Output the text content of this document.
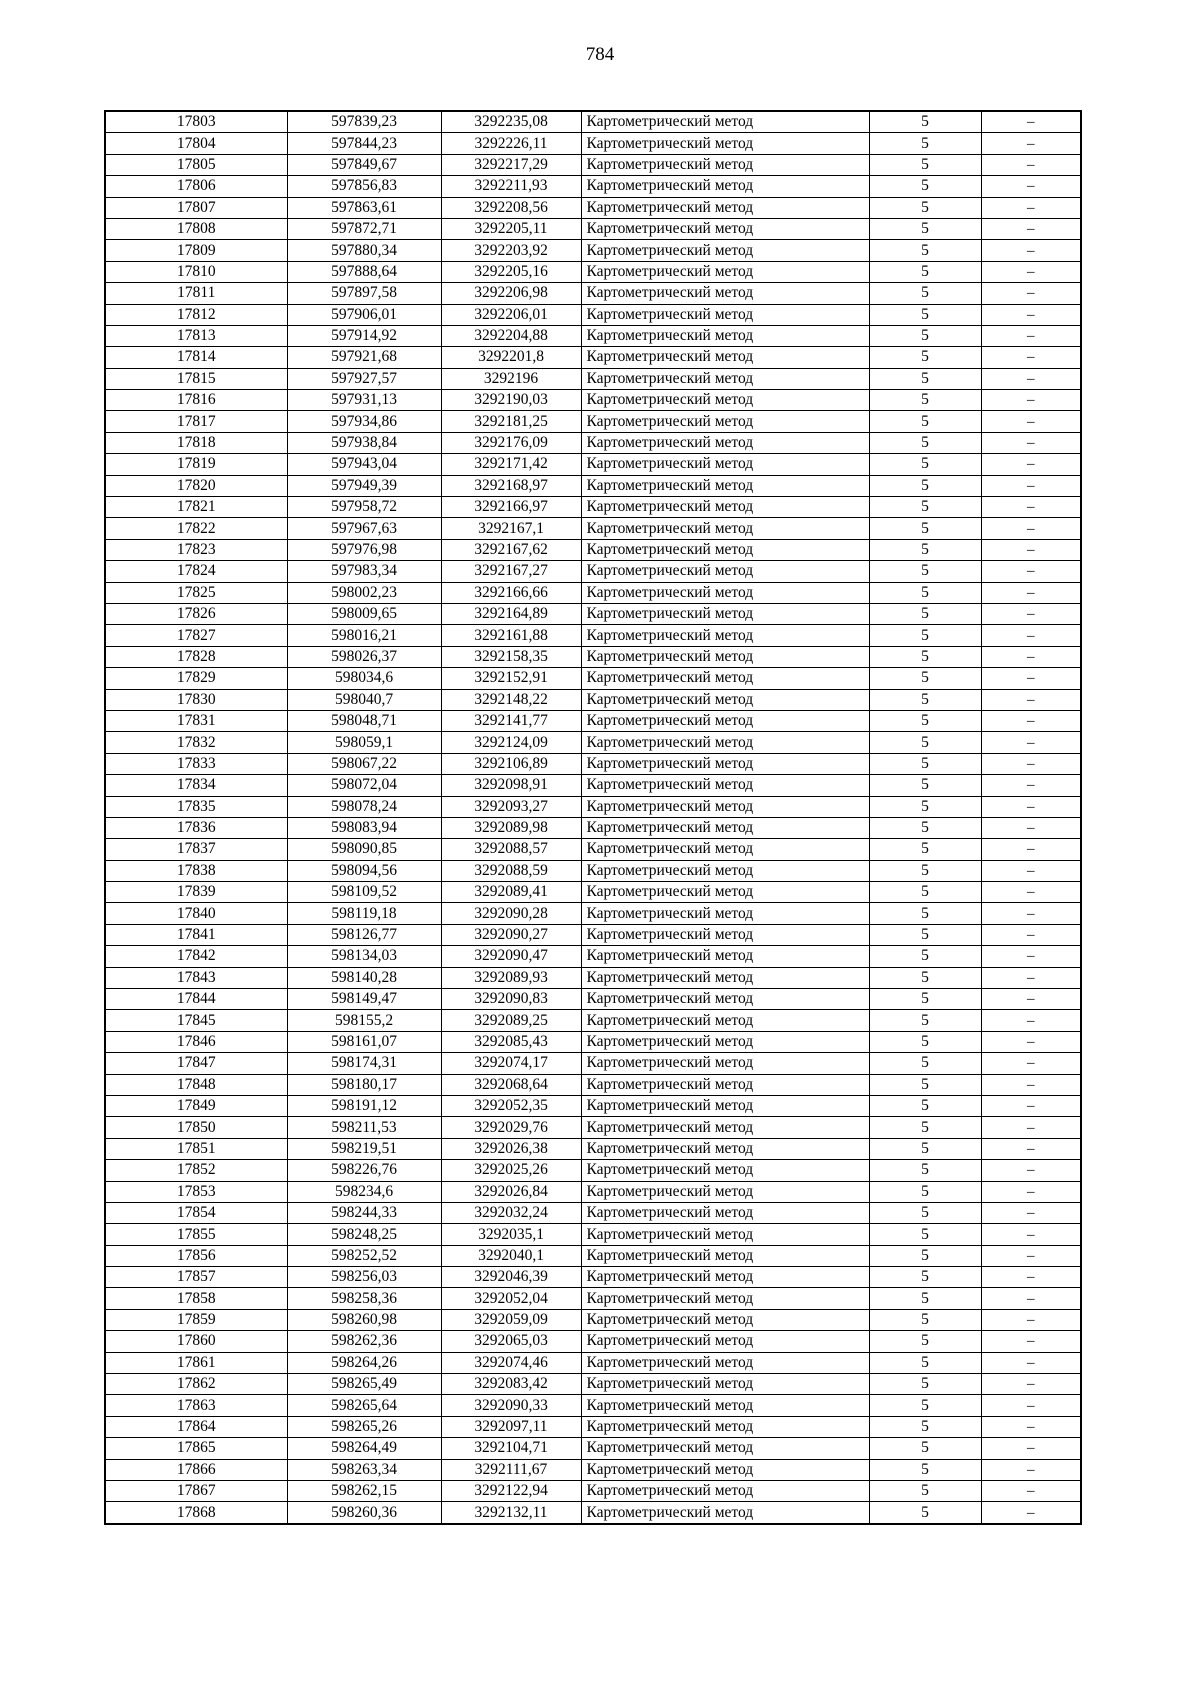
784
17803	597839,23	3292235,08	Картометрический метод	5	–
17804	597844,23	3292226,11	Картометрический метод	5	–
17805	597849,67	3292217,29	Картометрический метод	5	–
17806	597856,83	3292211,93	Картометрический метод	5	–
17807	597863,61	3292208,56	Картометрический метод	5	–
17808	597872,71	3292205,11	Картометрический метод	5	–
17809	597880,34	3292203,92	Картометрический метод	5	–
17810	597888,64	3292205,16	Картометрический метод	5	–
17811	597897,58	3292206,98	Картометрический метод	5	–
17812	597906,01	3292206,01	Картометрический метод	5	–
17813	597914,92	3292204,88	Картометрический метод	5	–
17814	597921,68	3292201,8	Картометрический метод	5	–
17815	597927,57	3292196	Картометрический метод	5	–
17816	597931,13	3292190,03	Картометрический метод	5	–
17817	597934,86	3292181,25	Картометрический метод	5	–
17818	597938,84	3292176,09	Картометрический метод	5	–
17819	597943,04	3292171,42	Картометрический метод	5	–
17820	597949,39	3292168,97	Картометрический метод	5	–
17821	597958,72	3292166,97	Картометрический метод	5	–
17822	597967,63	3292167,1	Картометрический метод	5	–
17823	597976,98	3292167,62	Картометрический метод	5	–
17824	597983,34	3292167,27	Картометрический метод	5	–
17825	598002,23	3292166,66	Картометрический метод	5	–
17826	598009,65	3292164,89	Картометрический метод	5	–
17827	598016,21	3292161,88	Картометрический метод	5	–
17828	598026,37	3292158,35	Картометрический метод	5	–
17829	598034,6	3292152,91	Картометрический метод	5	–
17830	598040,7	3292148,22	Картометрический метод	5	–
17831	598048,71	3292141,77	Картометрический метод	5	–
17832	598059,1	3292124,09	Картометрический метод	5	–
17833	598067,22	3292106,89	Картометрический метод	5	–
17834	598072,04	3292098,91	Картометрический метод	5	–
17835	598078,24	3292093,27	Картометрический метод	5	–
17836	598083,94	3292089,98	Картометрический метод	5	–
17837	598090,85	3292088,57	Картометрический метод	5	–
17838	598094,56	3292088,59	Картометрический метод	5	–
17839	598109,52	3292089,41	Картометрический метод	5	–
17840	598119,18	3292090,28	Картометрический метод	5	–
17841	598126,77	3292090,27	Картометрический метод	5	–
17842	598134,03	3292090,47	Картометрический метод	5	–
17843	598140,28	3292089,93	Картометрический метод	5	–
17844	598149,47	3292090,83	Картометрический метод	5	–
17845	598155,2	3292089,25	Картометрический метод	5	–
17846	598161,07	3292085,43	Картометрический метод	5	–
17847	598174,31	3292074,17	Картометрический метод	5	–
17848	598180,17	3292068,64	Картометрический метод	5	–
17849	598191,12	3292052,35	Картометрический метод	5	–
17850	598211,53	3292029,76	Картометрический метод	5	–
17851	598219,51	3292026,38	Картометрический метод	5	–
17852	598226,76	3292025,26	Картометрический метод	5	–
17853	598234,6	3292026,84	Картометрический метод	5	–
17854	598244,33	3292032,24	Картометрический метод	5	–
17855	598248,25	3292035,1	Картометрический метод	5	–
17856	598252,52	3292040,1	Картометрический метод	5	–
17857	598256,03	3292046,39	Картометрический метод	5	–
17858	598258,36	3292052,04	Картометрический метод	5	–
17859	598260,98	3292059,09	Картометрический метод	5	–
17860	598262,36	3292065,03	Картометрический метод	5	–
17861	598264,26	3292074,46	Картометрический метод	5	–
17862	598265,49	3292083,42	Картометрический метод	5	–
17863	598265,64	3292090,33	Картометрический метод	5	–
17864	598265,26	3292097,11	Картометрический метод	5	–
17865	598264,49	3292104,71	Картометрический метод	5	–
17866	598263,34	3292111,67	Картометрический метод	5	–
17867	598262,15	3292122,94	Картометрический метод	5	–
17868	598260,36	3292132,11	Картометрический метод	5	–
